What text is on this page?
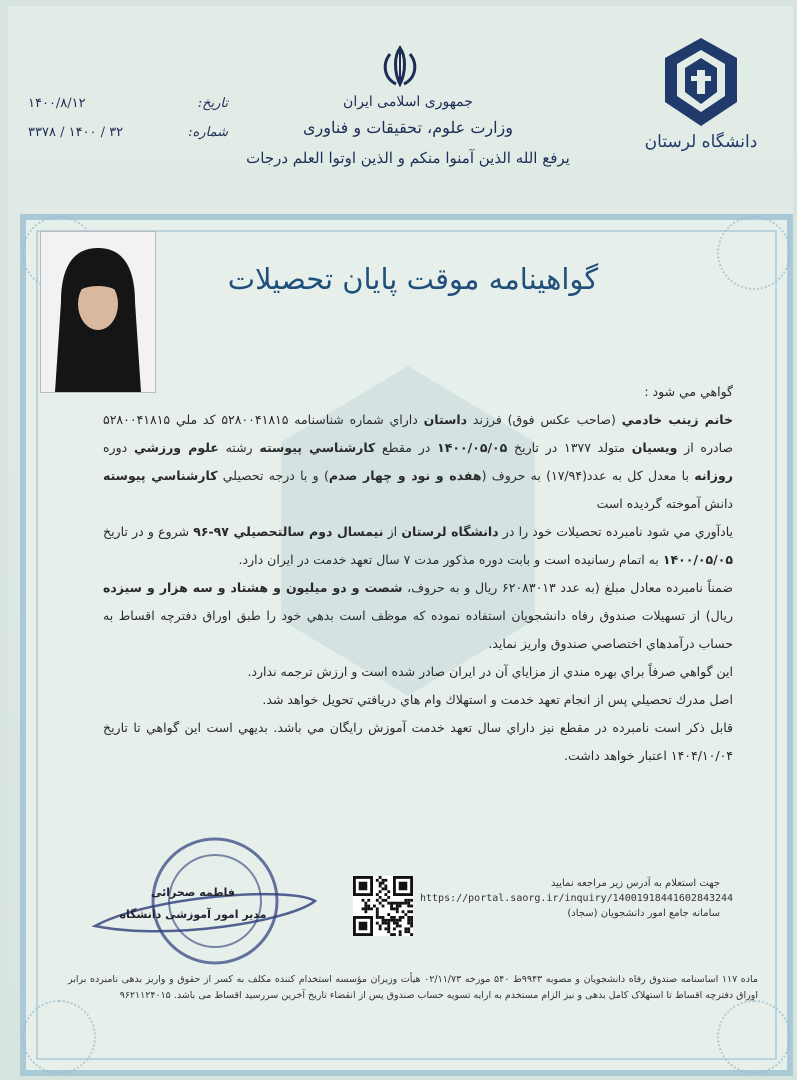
دانشگاه لرستان
جمهوری اسلامی ایران
وزارت علوم، تحقیقات و فناوری
يرفع الله الذين آمنوا منكم و الذين اوتوا العلم درجات
تاریخ:
۱۴۰۰/۸/۱۲
شماره:
۳۲ / ۱۴۰۰ / ۳۳۷۸
گواهینامه موقت پایان تحصیلات

گواهي مي شود :

خانم زينب خادمي (صاحب عكس فوق) فرزند داستان داراي شماره شناسنامه ۵۲۸۰۰۴۱۸۱۵ كد ملي ۵۲۸۰۰۴۱۸۱۵ صادره از ويسيان متولد ۱۳۷۷ در تاريخ ۱۴۰۰/۰۵/۰۵ در مقطع كارشناسي پيوسته رشته علوم ورزشي دوره روزانه با معدل كل به عدد(۱۷/۹۴) به حروف (هفده و نود و چهار صدم) و با درجه تحصيلي كارشناسي پيوسته دانش آموخته گرديده است

يادآوري مي شود نامبرده تحصيلات خود را در دانشگاه لرستان از نيمسال دوم سالتحصيلي ۹۷-۹۶ شروع و در تاريخ ۱۴۰۰/۰۵/۰۵ به اتمام رسانيده است و بابت دوره مذكور مدت ۷ سال تعهد خدمت در ايران دارد.

ضمناً نامبرده معادل مبلغ (به عدد ۶۲۰۸۳۰۱۳ ريال و به حروف، شصت و دو ميليون و هشتاد و سه هزار و سيزده ريال) از تسهيلات صندوق رفاه دانشجويان استفاده نموده كه موظف است بدهي خود را طبق اوراق دفترچه اقساط به حساب درآمدهاي اختصاصي صندوق واريز نمايد.

اين گواهي صرفاً براي بهره مندي از مزاياي آن در ايران صادر شده است و ارزش ترجمه ندارد.

اصل مدرك تحصيلي پس از انجام تعهد خدمت و استهلاك وام هاي دريافتي تحويل خواهد شد.

قابل ذكر است نامبرده در مقطع نيز داراي سال تعهد خدمت آموزش رايگان مي باشد. بديهي است اين گواهي تا تاريخ ۱۴۰۴/۱۰/۰۴ اعتبار خواهد داشت.

جهت استعلام به آدرس زیر مراجعه نمایید
https://portal.saorg.ir/inquiry/14001918441602843244
سامانه جامع امور دانشجویان (سجاد)
فاطمه صحرائی
مدیر امور آموزشی دانشگاه
ماده ۱۱۷ اساسنامه صندوق رفاه دانشجویان و مصوبه ۹۹۴۳ط ۵۴۰ مورخه ۰۲/۱۱/۷۳ هیأت وزیران مؤسسه استخدام کننده مکلف به کسر از حقوق و واریز بدهی نامبرده برابر اوراق دفترچه اقساط تا استهلاک کامل بدهی و نیز الزام مستخدم به ارایه تسویه حساب صندوق پس از انقضاء تاریخ آخرین سررسید اقساط می باشد. ۹۶۲۱۱۲۴۰۱۵
